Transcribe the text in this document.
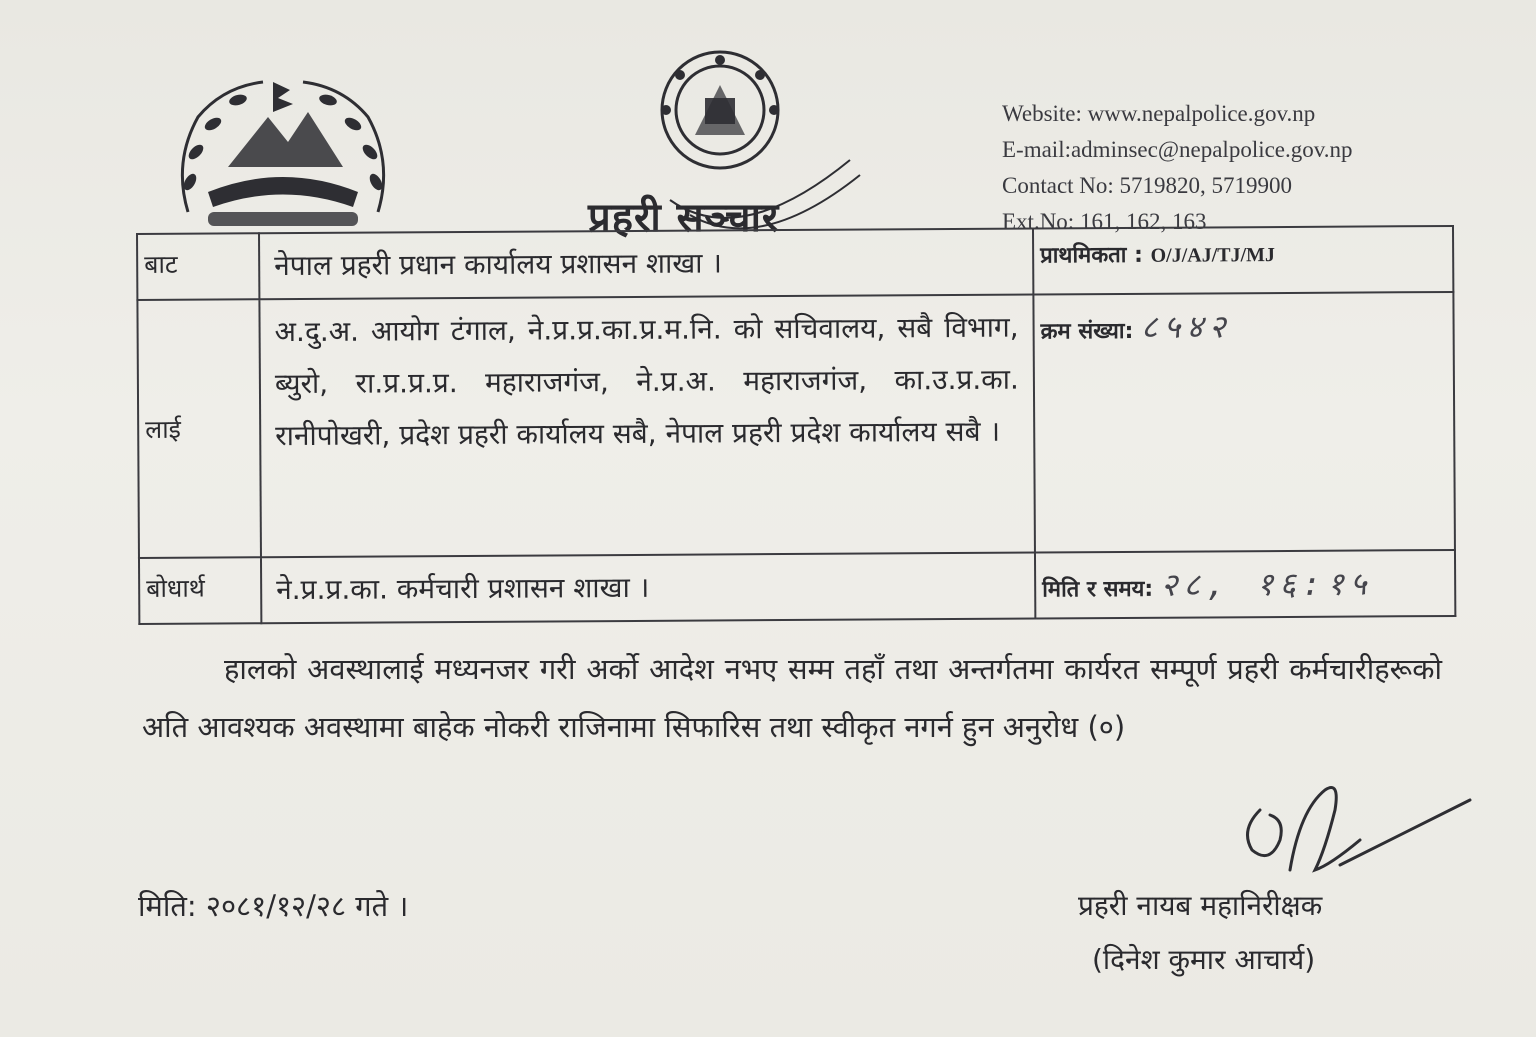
प्रहरी सञ्चार
Website: www.nepalpolice.gov.np
E-mail:adminsec@nepalpolice.gov.np
Contact No: 5719820, 5719900
Ext.No: 161, 162, 163
बाट	नेपाल प्रहरी प्रधान कार्यालय प्रशासन शाखा ।	प्राथमिकता : O/J/AJ/TJ/MJ
लाई	अ.दु.अ. आयोग टंगाल, ने.प्र.प्र.का.प्र.म.नि. को सचिवालय, सबै विभाग, ब्युरो, रा.प्र.प्र.प्र. महाराजगंज, ने.प्र.अ. महाराजगंज, का.उ.प्र.का. रानीपोखरी, प्रदेश प्रहरी कार्यालय सबै, नेपाल प्रहरी प्रदेश कार्यालय सबै ।	क्रम संख्या: ८५४२
बोधार्थ	ने.प्र.प्र.का. कर्मचारी प्रशासन शाखा ।	मिति र समय: २८, १६:१५

हालको अवस्थालाई मध्यनजर गरी अर्को आदेश नभए सम्म तहाँ तथा अन्तर्गतमा कार्यरत सम्पूर्ण प्रहरी कर्मचारीहरूको अति आवश्यक अवस्थामा बाहेक नोकरी राजिनामा सिफारिस तथा स्वीकृत नगर्न हुन अनुरोध (०)

मिति: २०८१/१२/२८ गते ।	प्रहरी नायब महानिरीक्षक
(दिनेश कुमार आचार्य)
